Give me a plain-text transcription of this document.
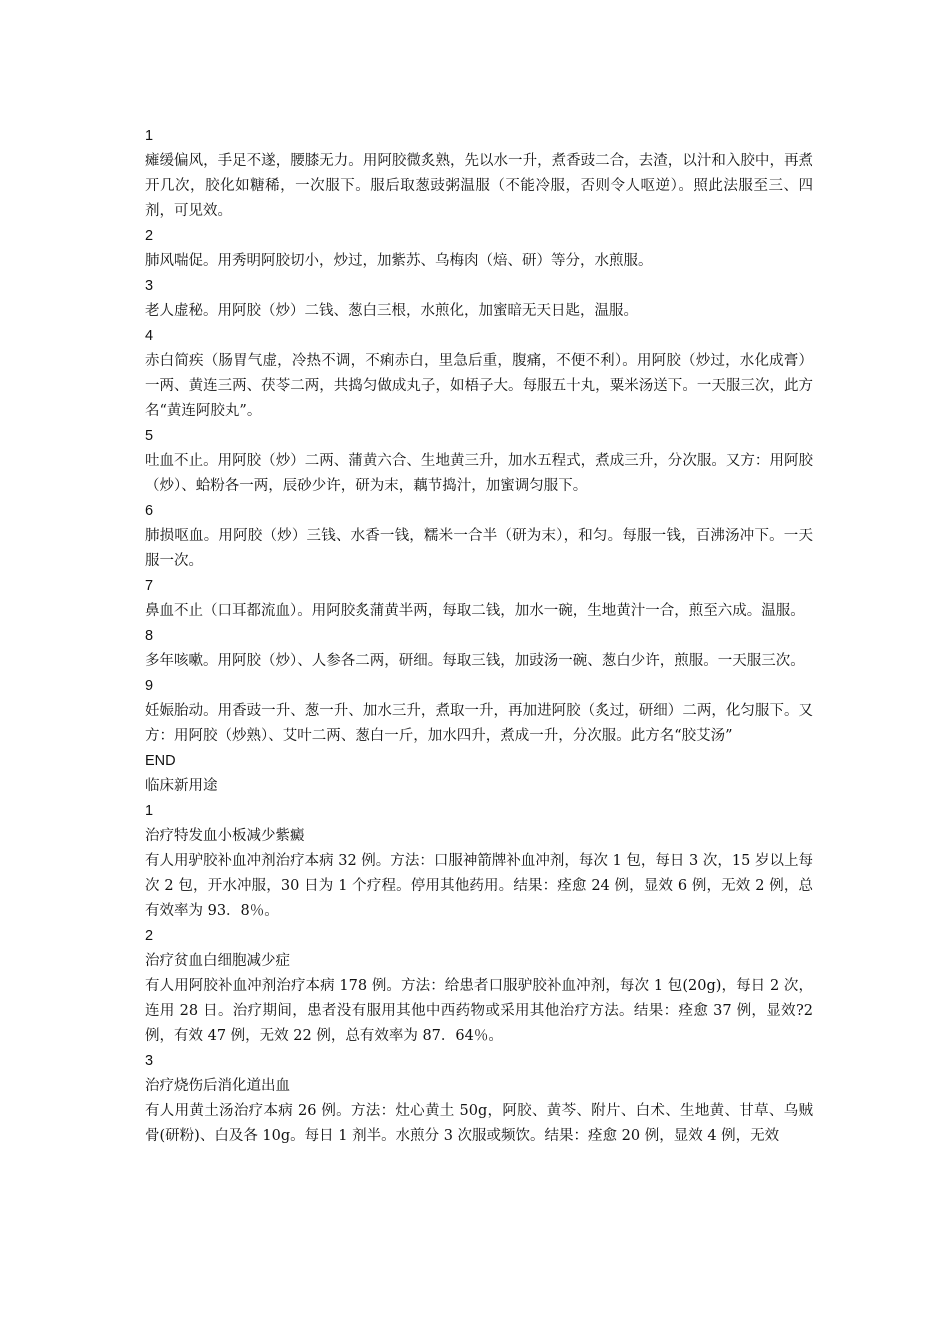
1
瘫缓偏风，手足不遂，腰膝无力。用阿胶微炙熟，先以水一升，煮香豉二合，去渣，以汁和入胶中，再煮开几次，胶化如糖稀，一次服下。服后取葱豉粥温服（不能冷服，否则令人呕逆）。照此法服至三、四剂，可见效。
2
肺风喘促。用秀明阿胶切小，炒过，加紫苏、乌梅肉（焙、研）等分，水煎服。
3
老人虚秘。用阿胶（炒）二钱、葱白三根，水煎化，加蜜暗无天日匙，温服。
4
赤白简疾（肠胃气虚，冷热不调，不痢赤白，里急后重，腹痛，不便不利）。用阿胶（炒过，水化成膏）一两、黄连三两、茯苓二两，共捣匀做成丸子，如梧子大。每服五十丸，粟米汤送下。一天服三次，此方名“黄连阿胶丸”。
5
吐血不止。用阿胶（炒）二两、蒲黄六合、生地黄三升，加水五程式，煮成三升，分次服。又方：用阿胶（炒）、蛤粉各一两，辰砂少许，研为末，藕节捣汁，加蜜调匀服下。
6
肺损呕血。用阿胶（炒）三钱、水香一钱，糯米一合半（研为末），和匀。每服一钱，百沸汤冲下。一天服一次。
7
鼻血不止（口耳都流血）。用阿胶炙蒲黄半两，每取二钱，加水一碗，生地黄汁一合，煎至六成。温服。
8
多年咳嗽。用阿胶（炒）、人参各二两，研细。每取三钱，加豉汤一碗、葱白少许，煎服。一天服三次。
9
妊娠胎动。用香豉一升、葱一升、加水三升，煮取一升，再加进阿胶（炙过，研细）二两，化匀服下。又方：用阿胶（炒熟）、艾叶二两、葱白一斤，加水四升，煮成一升，分次服。此方名“胶艾汤”
END
临床新用途
1
治疗特发血小板减少紫癜
有人用驴胶补血冲剂治疗本病 32 例。方法：口服神箭牌补血冲剂，每次 1 包，每日 3 次，15 岁以上每次 2 包，开水冲服，30 日为 1 个疗程。停用其他药用。结果：痊愈 24 例，显效 6 例，无效 2 例，总有效率为 93．8％。
2
治疗贫血白细胞减少症
有人用阿胶补血冲剂治疗本病 178 例。方法：给患者口服驴胶补血冲剂，每次 1 包(20g)，每日 2 次，连用 28 日。治疗期间，患者没有服用其他中西药物或采用其他治疗方法。结果：痊愈 37 例，显效?2 例，有效 47 例，无效 22 例，总有效率为 87．64％。
3
治疗烧伤后消化道出血
有人用黄土汤治疗本病 26 例。方法：灶心黄土 50g，阿胶、黄芩、附片、白术、生地黄、甘草、乌贼骨(研粉)、白及各 10g。每日 1 剂半。水煎分 3 次服或频饮。结果：痊愈 20 例，显效 4 例，无效
